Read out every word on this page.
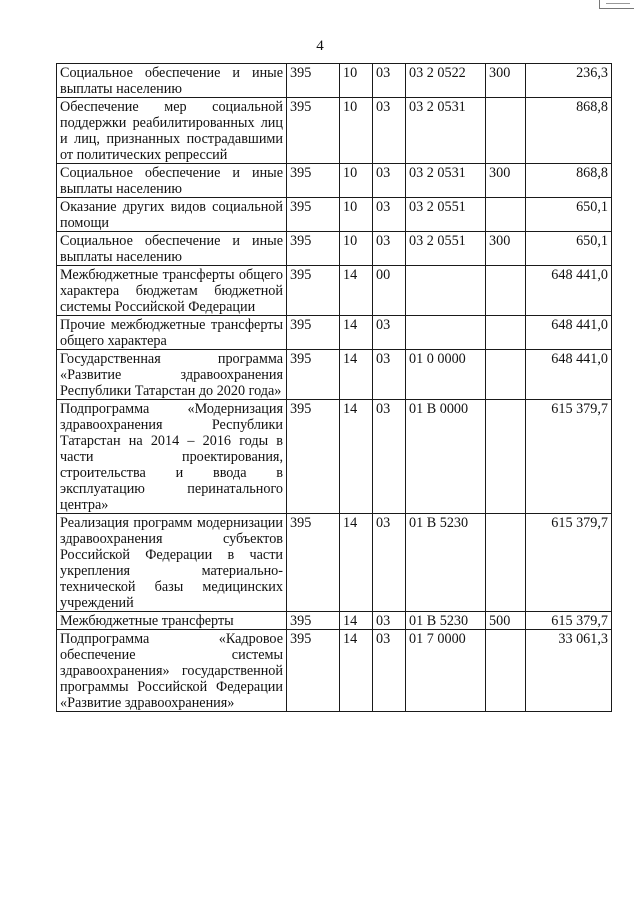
4
Социальное обеспечение и иные выплаты населению	395	10	03	03 2 0522	300	236,3
Обеспечение мер социальной поддержки реабилитированных лиц и лиц, признанных пострадавшими от политических репрессий	395	10	03	03 2 0531		868,8
Социальное обеспечение и иные выплаты населению	395	10	03	03 2 0531	300	868,8
Оказание других видов социальной помощи	395	10	03	03 2 0551		650,1
Социальное обеспечение и иные выплаты населению	395	10	03	03 2 0551	300	650,1
Межбюджетные трансферты общего характера бюджетам бюджетной системы Российской Федерации	395	14	00			648 441,0
Прочие межбюджетные трансферты общего характера	395	14	03			648 441,0
Государственная программа «Развитие здравоохранения Республики Татарстан до 2020 года»	395	14	03	01 0 0000		648 441,0
Подпрограмма «Модернизация здравоохранения Республики Татарстан на 2014 – 2016 годы в части проектирования, строительства и ввода в эксплуатацию перинатального центра»	395	14	03	01 В 0000		615 379,7
Реализация программ модернизации здравоохранения субъектов Российской Федерации в части укрепления материально-технической базы медицинских учреждений	395	14	03	01 В 5230		615 379,7
Межбюджетные трансферты	395	14	03	01 В 5230	500	615 379,7
Подпрограмма «Кадровое обеспечение системы здравоохранения» государственной программы Российской Федерации «Развитие здравоохранения»	395	14	03	01 7 0000		33 061,3
